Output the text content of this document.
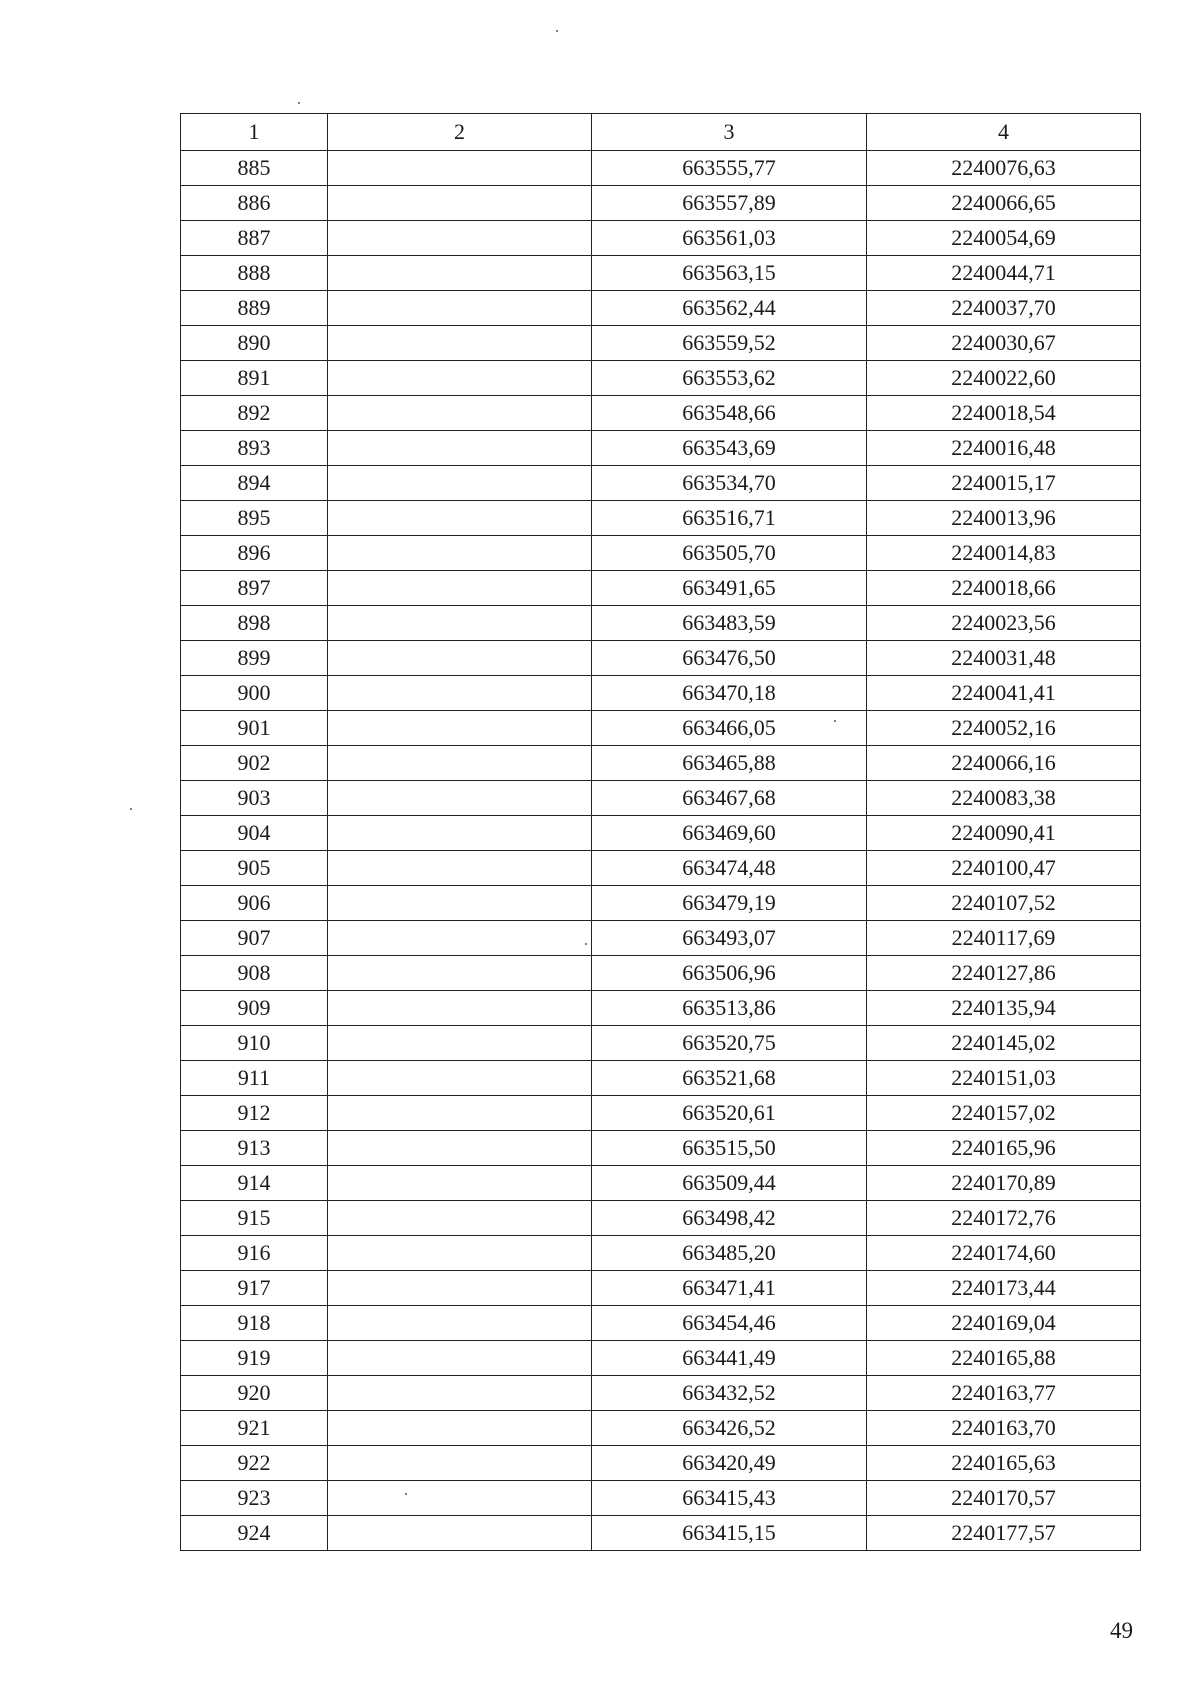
1	2	3	4
885		663555,77	2240076,63
886		663557,89	2240066,65
887		663561,03	2240054,69
888		663563,15	2240044,71
889		663562,44	2240037,70
890		663559,52	2240030,67
891		663553,62	2240022,60
892		663548,66	2240018,54
893		663543,69	2240016,48
894		663534,70	2240015,17
895		663516,71	2240013,96
896		663505,70	2240014,83
897		663491,65	2240018,66
898		663483,59	2240023,56
899		663476,50	2240031,48
900		663470,18	2240041,41
901		663466,05	2240052,16
902		663465,88	2240066,16
903		663467,68	2240083,38
904		663469,60	2240090,41
905		663474,48	2240100,47
906		663479,19	2240107,52
907		663493,07	2240117,69
908		663506,96	2240127,86
909		663513,86	2240135,94
910		663520,75	2240145,02
911		663521,68	2240151,03
912		663520,61	2240157,02
913		663515,50	2240165,96
914		663509,44	2240170,89
915		663498,42	2240172,76
916		663485,20	2240174,60
917		663471,41	2240173,44
918		663454,46	2240169,04
919		663441,49	2240165,88
920		663432,52	2240163,77
921		663426,52	2240163,70
922		663420,49	2240165,63
923		663415,43	2240170,57
924		663415,15	2240177,57
49
